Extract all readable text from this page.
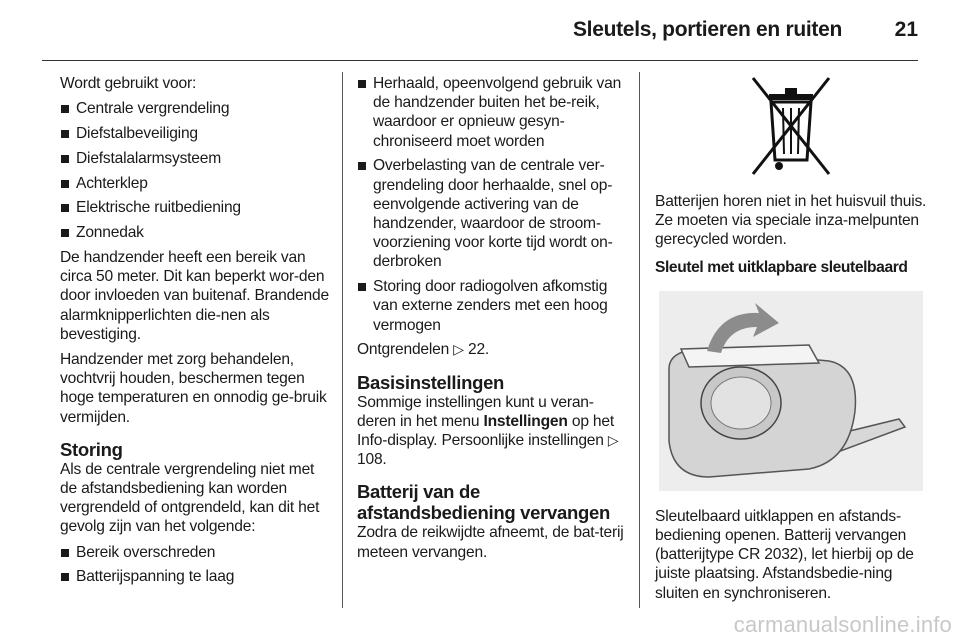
Sleutels, portieren en ruiten	21

Wordt gebruikt voor:

Centrale vergrendeling
Diefstalbeveiliging
Diefstalalarmsysteem
Achterklep
Elektrische ruitbediening
Zonnedak

De handzender heeft een bereik van circa 50 meter. Dit kan beperkt wor-den door invloeden van buitenaf. Brandende alarmknipperlichten die-nen als bevestiging.

Handzender met zorg behandelen, vochtvrij houden, beschermen tegen hoge temperaturen en onnodig ge-bruik vermijden.

Storing

Als de centrale vergrendeling niet met de afstandsbediening kan worden vergrendeld of ontgrendeld, kan dit het gevolg zijn van het volgende:

Bereik overschreden
Batterijspanning te laag
Herhaald, opeenvolgend gebruik van de handzender buiten het be-reik, waardoor er opnieuw gesyn-chroniseerd moet worden
Overbelasting van de centrale ver-grendeling door herhaalde, snel op-eenvolgende activering van de handzender, waardoor de stroom-voorziening voor korte tijd wordt on-derbroken
Storing door radiogolven afkomstig van externe zenders met een hoog vermogen

Ontgrendelen ▷ 22.

Basisinstellingen

Sommige instellingen kunt u veran-deren in het menu Instellingen op het Info-display. Persoonlijke instellingen ▷ 108.

Batterij van de afstandsbediening vervangen

Zodra de reikwijdte afneemt, de bat-terij meteen vervangen.

Batterijen horen niet in het huisvuil thuis. Ze moeten via speciale inza-melpunten gerecycled worden.

Sleutel met uitklapbare sleutelbaard

Sleutelbaard uitklappen en afstands-bediening openen. Batterij vervangen (batterijtype CR 2032), let hierbij op de juiste plaatsing. Afstandsbedie-ning sluiten en synchroniseren.

carmanualsonline.info
